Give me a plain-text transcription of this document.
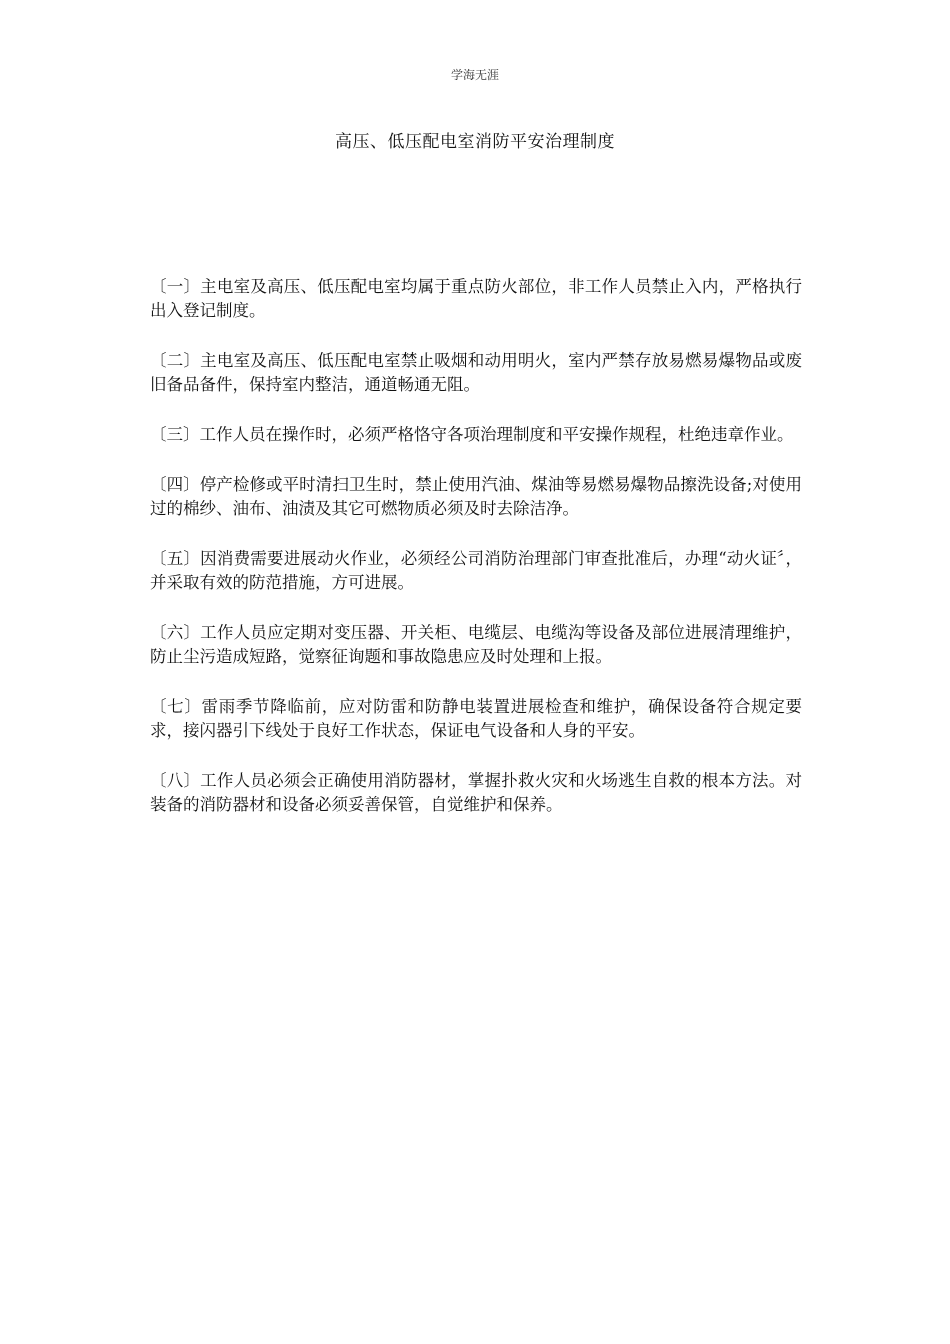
学海无涯
高压、低压配电室消防平安治理制度

〔一〕主电室及高压、低压配电室均属于重点防火部位，非工作人员禁止入内，严格执行出入登记制度。

〔二〕主电室及高压、低压配电室禁止吸烟和动用明火，室内严禁存放易燃易爆物品或废旧备品备件，保持室内整洁，通道畅通无阻。

〔三〕工作人员在操作时，必须严格恪守各项治理制度和平安操作规程，杜绝违章作业。

〔四〕停产检修或平时清扫卫生时，禁止使用汽油、煤油等易燃易爆物品擦洗设备;对使用过的棉纱、油布、油渍及其它可燃物质必须及时去除洁净。

〔五〕因消费需要进展动火作业，必须经公司消防治理部门审查批准后，办理“动火证〞，并采取有效的防范措施，方可进展。

〔六〕工作人员应定期对变压器、开关柜、电缆层、电缆沟等设备及部位进展清理维护，防止尘污造成短路，觉察征询题和事故隐患应及时处理和上报。

〔七〕雷雨季节降临前，应对防雷和防静电装置进展检查和维护，确保设备符合规定要求，接闪器引下线处于良好工作状态，保证电气设备和人身的平安。

〔八〕工作人员必须会正确使用消防器材，掌握扑救火灾和火场逃生自救的根本方法。对装备的消防器材和设备必须妥善保管，自觉维护和保养。
